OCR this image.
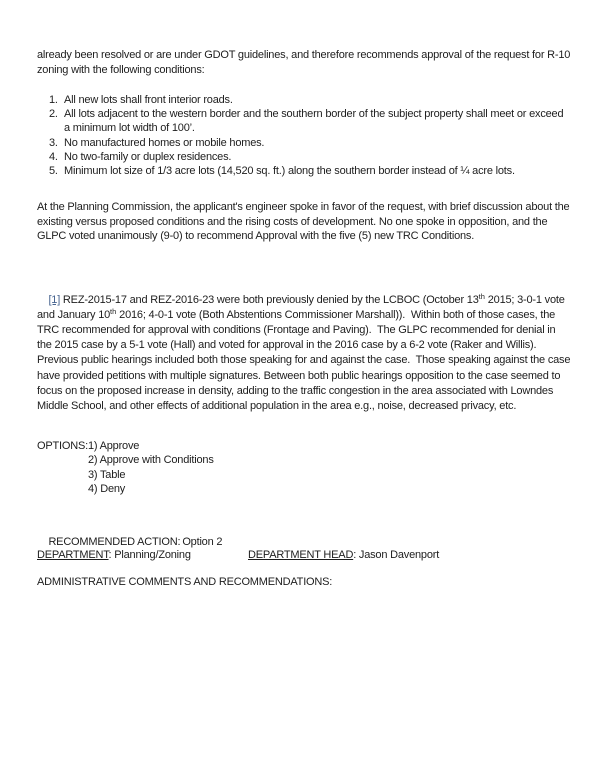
already been resolved or are under GDOT guidelines, and therefore recommends approval of the request for R-10 zoning with the following conditions:
1. All new lots shall front interior roads.
2. All lots adjacent to the western border and the southern border of the subject property shall meet or exceed a minimum lot width of 100’.
3. No manufactured homes or mobile homes.
4. No two-family or duplex residences.
5. Minimum lot size of 1/3 acre lots (14,520 sq. ft.) along the southern border instead of ¼ acre lots.
At the Planning Commission, the applicant's engineer spoke in favor of the request, with brief discussion about the existing versus proposed conditions and the rising costs of development. No one spoke in opposition, and the GLPC voted unanimously (9-0) to recommend Approval with the five (5) new TRC Conditions.

[1] REZ-2015-17 and REZ-2016-23 were both previously denied by the LCBOC (October 13th 2015; 3-0-1 vote and January 10th 2016; 4-0-1 vote (Both Abstentions Commissioner Marshall)).  Within both of those cases, the TRC recommended for approval with conditions (Frontage and Paving).  The GLPC recommended for denial in the 2015 case by a 5-1 vote (Hall) and voted for approval in the 2016 case by a 6-2 vote (Raker and Willis).  Previous public hearings included both those speaking for and against the case.  Those speaking against the case have provided petitions with multiple signatures. Between both public hearings opposition to the case seemed to focus on the proposed increase in density, adding to the traffic congestion in the area associated with Lowndes Middle School, and other effects of additional population in the area e.g., noise, decreased privacy, etc.

OPTIONS: 1) Approve
2) Approve with Conditions
3) Table
4) Deny

RECOMMENDED ACTION: Option 2

DEPARTMENT: Planning/Zoning	DEPARTMENT HEAD: Jason Davenport
ADMINISTRATIVE COMMENTS AND RECOMMENDATIONS:
